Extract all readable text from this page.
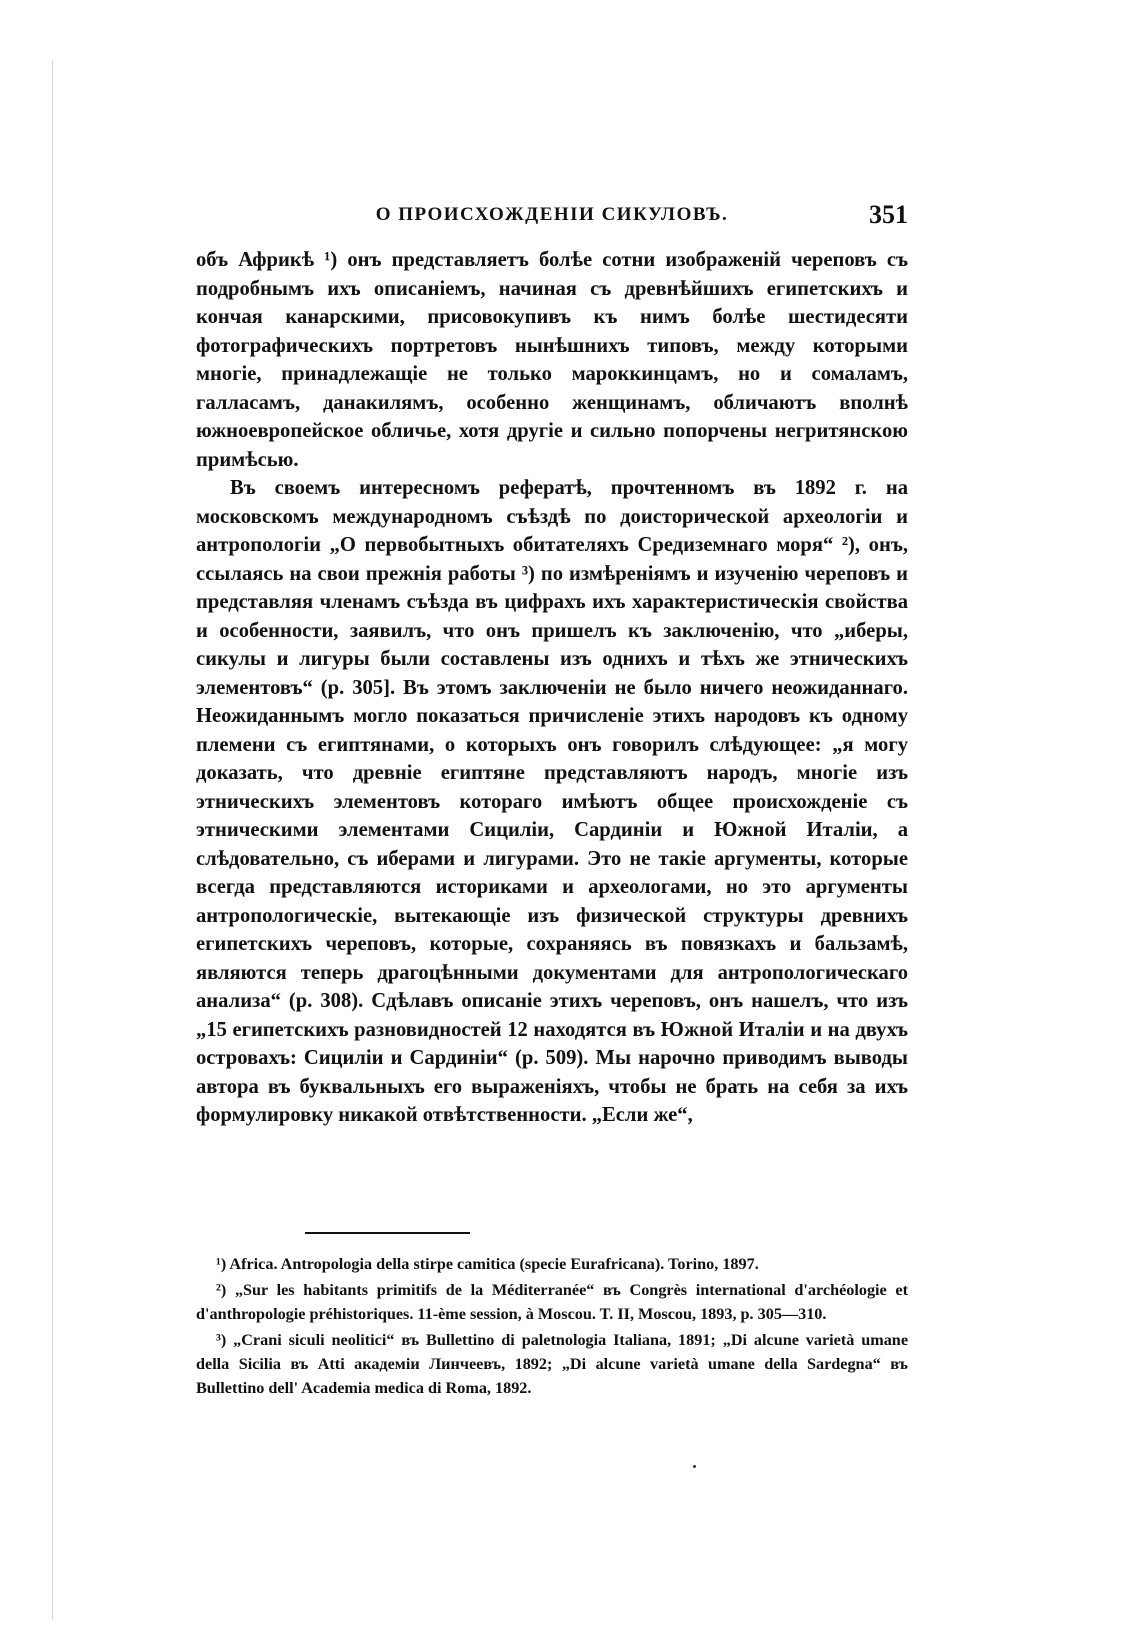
О ПРОИСХОЖДЕНІИ СИКУЛОВЪ.	351

объ Африкѣ ¹) онъ представляетъ болѣе сотни изображеній череповъ съ подробнымъ ихъ описаніемъ, начиная съ древнѣйшихъ египетскихъ и кончая канарскими, присовокупивъ къ нимъ болѣе шестидесяти фотографическихъ портретовъ нынѣшнихъ типовъ, между которыми многіе, принадлежащіе не только мароккинцамъ, но и сомаламъ, галласамъ, данакилямъ, особенно женщинамъ, обличаютъ вполнѣ южноевропейское обличье, хотя другіе и сильно попорчены негритянскою примѣсью.

Въ своемъ интересномъ рефератѣ, прочтенномъ въ 1892 г. на московскомъ международномъ съѣздѣ по доисторической археологіи и антропологіи „О первобытныхъ обитателяхъ Средиземнаго моря“ ²), онъ, ссылаясь на свои прежнія работы ³) по измѣреніямъ и изученію череповъ и представляя членамъ съѣзда въ цифрахъ ихъ характеристическія свойства и особенности, заявилъ, что онъ пришелъ къ заключенію, что „иберы, сикулы и лигуры были составлены изъ однихъ и тѣхъ же этническихъ элементовъ“ (р. 305]. Въ этомъ заключеніи не было ничего неожиданнаго. Неожиданнымъ могло показаться причисленіе этихъ народовъ къ одному племени съ египтянами, о которыхъ онъ говорилъ слѣдующее: „я могу доказать, что древніе египтяне представляютъ народъ, многіе изъ этническихъ элементовъ котораго имѣютъ общее происхожденіе съ этническими элементами Сициліи, Сардиніи и Южной Италіи, а слѣдовательно, съ иберами и лигурами. Это не такіе аргументы, которые всегда представляются историками и археологами, но это аргументы антропологическіе, вытекающіе изъ физической структуры древнихъ египетскихъ череповъ, которые, сохраняясь въ повязкахъ и бальзамѣ, являются теперь драгоцѣнными документами для антропологическаго анализа“ (р. 308). Сдѣлавъ описаніе этихъ череповъ, онъ нашелъ, что изъ „15 египетскихъ разновидностей 12 находятся въ Южной Италіи и на двухъ островахъ: Сициліи и Сардиніи“ (р. 509). Мы нарочно приводимъ выводы автора въ буквальныхъ его выраженіяхъ, чтобы не брать на себя за ихъ формулировку никакой отвѣтственности. „Если же“,

¹) Africa. Antropologia della stirpe camitica (specie Eurafricana). Torino, 1897.

²) „Sur les habitants primitifs de la Méditerranée“ въ Congrès international d'archéologie et d'anthropologie préhistoriques. 11-ème session, à Moscou. T. II, Moscou, 1893, p. 305—310.

³) „Crani siculi neolitici“ въ Bullettino di paletnologia Italiana, 1891; „Di alcune varietà umane della Sicilia въ Atti академіи Линчеевъ, 1892; „Di alcune varietà umane della Sardegna“ въ Bullettino dell' Academia medica di Roma, 1892.
